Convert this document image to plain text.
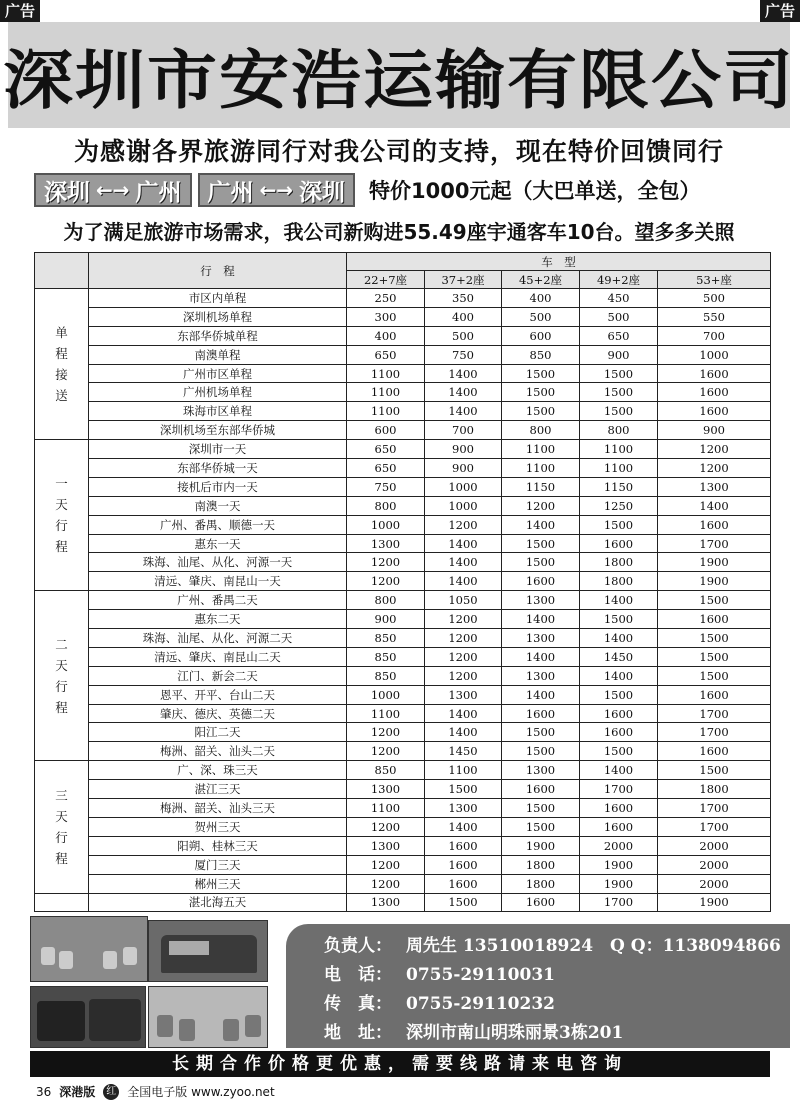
广告	广告
深圳市安浩运输有限公司
为感谢各界旅游同行对我公司的支持，现在特价回馈同行
深圳 ←→ 广州 广州 ←→ 深圳 特价1000元起（大巴单送，全包）
为了满足旅游市场需求，我公司新购进55.49座宇通客车10台。望多多关照
	行　程	车　型				
		22+7座	37+2座	45+2座	49+2座	53+座

单
程
接
送	市区内单程	250	350	400	450	500
	深圳机场单程	300	400	500	500	550
	东部华侨城单程	400	500	600	650	700
	南澳单程	650	750	850	900	1000
	广州市区单程	1100	1400	1500	1500	1600
	广州机场单程	1100	1400	1500	1500	1600
	珠海市区单程	1100	1400	1500	1500	1600
	深圳机场至东部华侨城	600	700	800	800	900

一
天
行
程	深圳市一天	650	900	1100	1100	1200
	东部华侨城一天	650	900	1100	1100	1200
	接机后市内一天	750	1000	1150	1150	1300
	南澳一天	800	1000	1200	1250	1400
	广州、番禺、顺德一天	1000	1200	1400	1500	1600
	惠东一天	1300	1400	1500	1600	1700
	珠海、汕尾、从化、河源一天	1200	1400	1500	1800	1900
	清远、肇庆、南昆山一天	1200	1400	1600	1800	1900

二
天
行
程	广州、番禺二天	800	1050	1300	1400	1500
	惠东二天	900	1200	1400	1500	1600
	珠海、汕尾、从化、河源二天	850	1200	1300	1400	1500
	清远、肇庆、南昆山二天	850	1200	1400	1450	1500
	江门、新会二天	850	1200	1300	1400	1500
	恩平、开平、台山二天	1000	1300	1400	1500	1600
	肇庆、德庆、英德二天	1100	1400	1600	1600	1700
	阳江二天	1200	1400	1500	1600	1700
	梅洲、韶关、汕头二天	1200	1450	1500	1500	1600

三
天
行
程	广、深、珠三天	850	1100	1300	1400	1500
	湛江三天	1300	1500	1600	1700	1800
	梅洲、韶关、汕头三天	1100	1300	1500	1600	1700
	贺州三天	1200	1400	1500	1600	1700
	阳朔、桂林三天	1300	1600	1900	2000	2000
	厦门三天	1200	1600	1800	1900	2000
	郴州三天	1200	1600	1800	1900	2000
	湛北海五天	1300	1500	1600	1700	1900
负责人： 周先生 13510018924　Q Q：1138094866
电　话： 0755-29110031
传　真： 0755-29110232
地　址： 深圳市南山明珠丽景3栋201
长期合作价格更优惠，需要线路请来电咨询
36 深港版	红 全国电子版 www.zyoo.net
